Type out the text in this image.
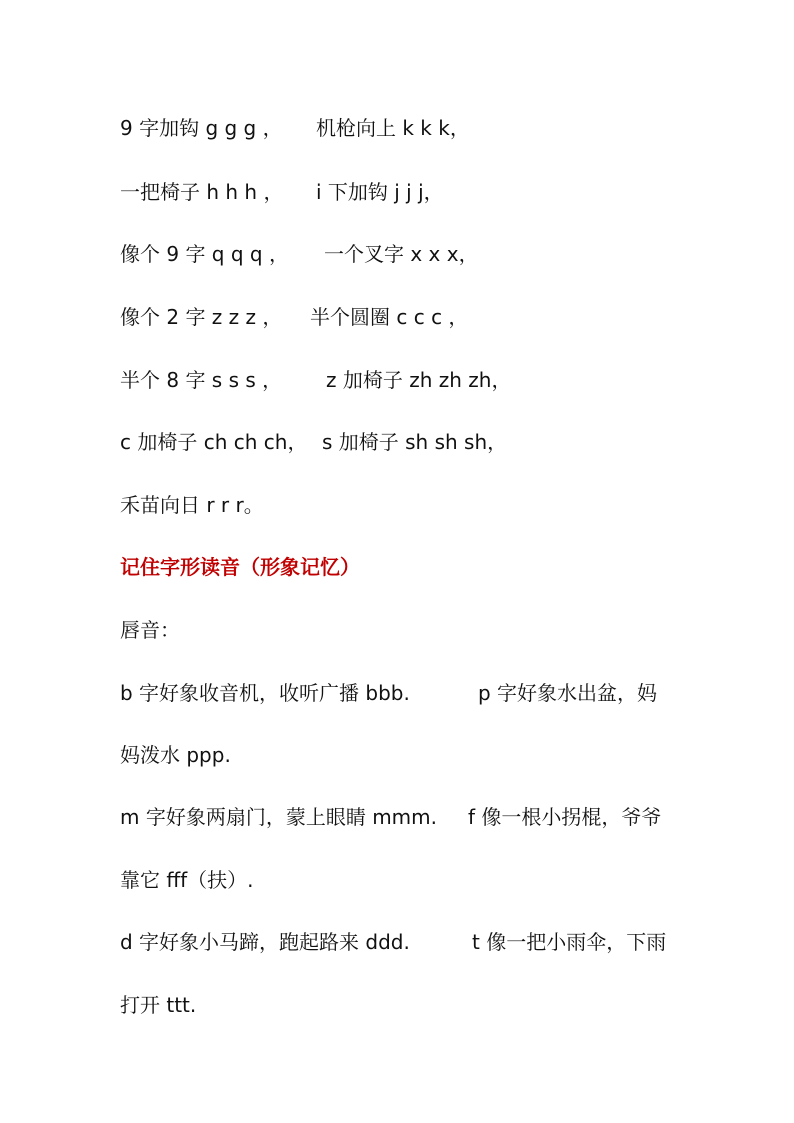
9 字加钩 g g g ， 机枪向上 k k k，
一把椅子 h h h ， i 下加钩 j j j，
像个 9 字 q q q ， 一个叉字 x x x，
像个 2 字 z z z ， 半个圆圈 c c c ，
半个 8 字 s s s ， z 加椅子 zh zh zh，
c 加椅子 ch ch ch， s 加椅子 sh sh sh，
禾苗向日 r r r。
记住字形读音（形象记忆）
唇音：
b 字好象收音机，收听广播 bbb.	p 字好象水出盆，妈
妈泼水 ppp.
m 字好象两扇门，蒙上眼睛 mmm. f 像一根小拐棍，爷爷
靠它 fff（扶）.
d 字好象小马蹄，跑起路来 ddd.	t 像一把小雨伞，下雨
打开 ttt.
